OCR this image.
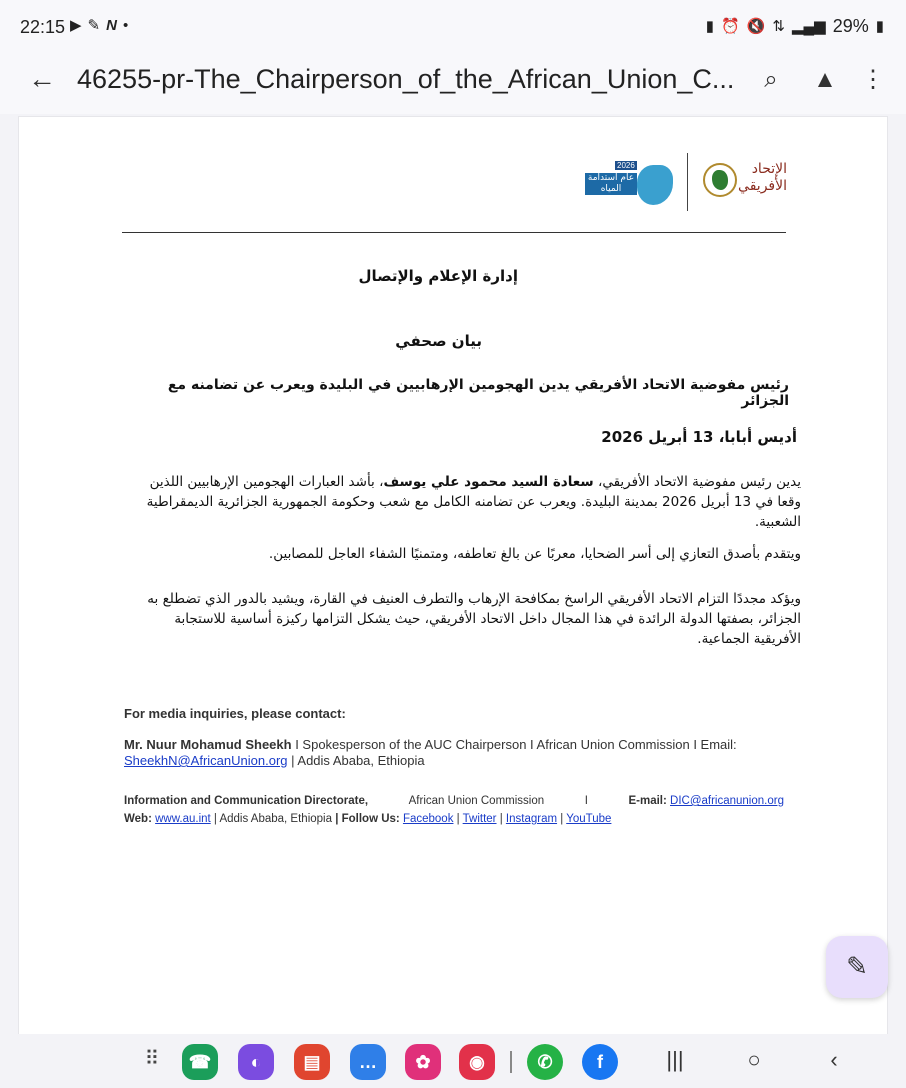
22:15 ▶ ✎ N •	▮ ⏰ 🔇 ⇅ ▂▄▆ 29% ▮
← 46255-pr-The_Chairperson_of_the_African_Union_C...	⌕	▲ ⋮
2026
عام استدامة المياه
الإتحاد الأفريقي
إدارة الإعلام والإتصال
بيان صحفي
رئيس مفوضية الاتحاد الأفريقي يدين الهجومين الإرهابيين في البليدة ويعرب عن تضامنه مع الجزائر
أديس أبابا، 13 أبريل 2026
يدين رئيس مفوضية الاتحاد الأفريقي، سعادة السيد محمود علي يوسف، بأشد العبارات الهجومين الإرهابيين اللذين وقعا في 13 أبريل 2026 بمدينة البليدة. ويعرب عن تضامنه الكامل مع شعب وحكومة الجمهورية الجزائرية الديمقراطية الشعبية.
ويتقدم بأصدق التعازي إلى أسر الضحايا، معربًا عن بالغ تعاطفه، ومتمنيًا الشفاء العاجل للمصابين.
ويؤكد مجددًا التزام الاتحاد الأفريقي الراسخ بمكافحة الإرهاب والتطرف العنيف في القارة، ويشيد بالدور الذي تضطلع به الجزائر، بصفتها الدولة الرائدة في هذا المجال داخل الاتحاد الأفريقي، حيث يشكل التزامها ركيزة أساسية للاستجابة الأفريقية الجماعية.
For media inquiries, please contact:
Mr. Nuur Mohamud Sheekh I Spokesperson of the AUC Chairperson I African Union Commission I Email:
SheekhN@AfricanUnion.org | Addis Ababa, Ethiopia
Information and Communication Directorate,	African Union Commission	I	E-mail: DIC@africanunion.org
Web: www.au.int | Addis Ababa, Ethiopia | Follow Us: Facebook | Twitter | Instagram | YouTube
✎
⠿	☎	◐	▤	…	✿	◉	✆	f	|||	○	‹
